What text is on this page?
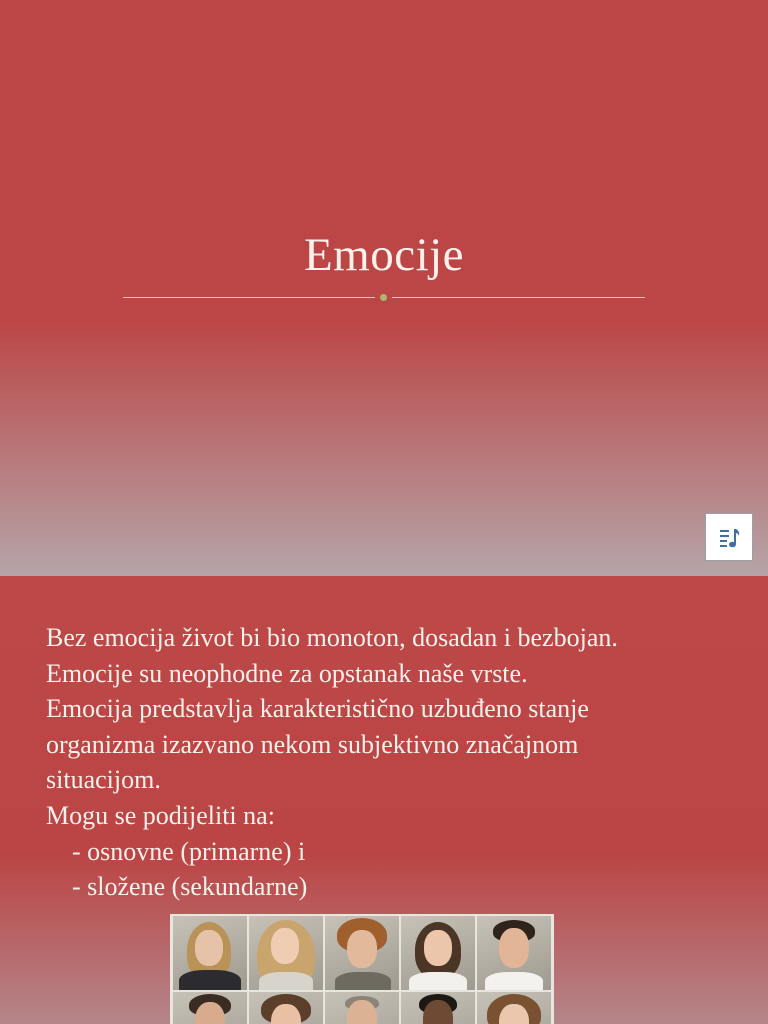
Emocije
Bez emocija život bi bio monoton, dosadan i bezbojan.
Emocije su neophodne za opstanak naše vrste.
Emocija predstavlja karakteristično uzbuđeno stanje
organizma izazvano nekom subjektivno značajnom
situacijom.
Mogu se podijeliti na:
- osnovne (primarne) i
- složene (sekundarne)
